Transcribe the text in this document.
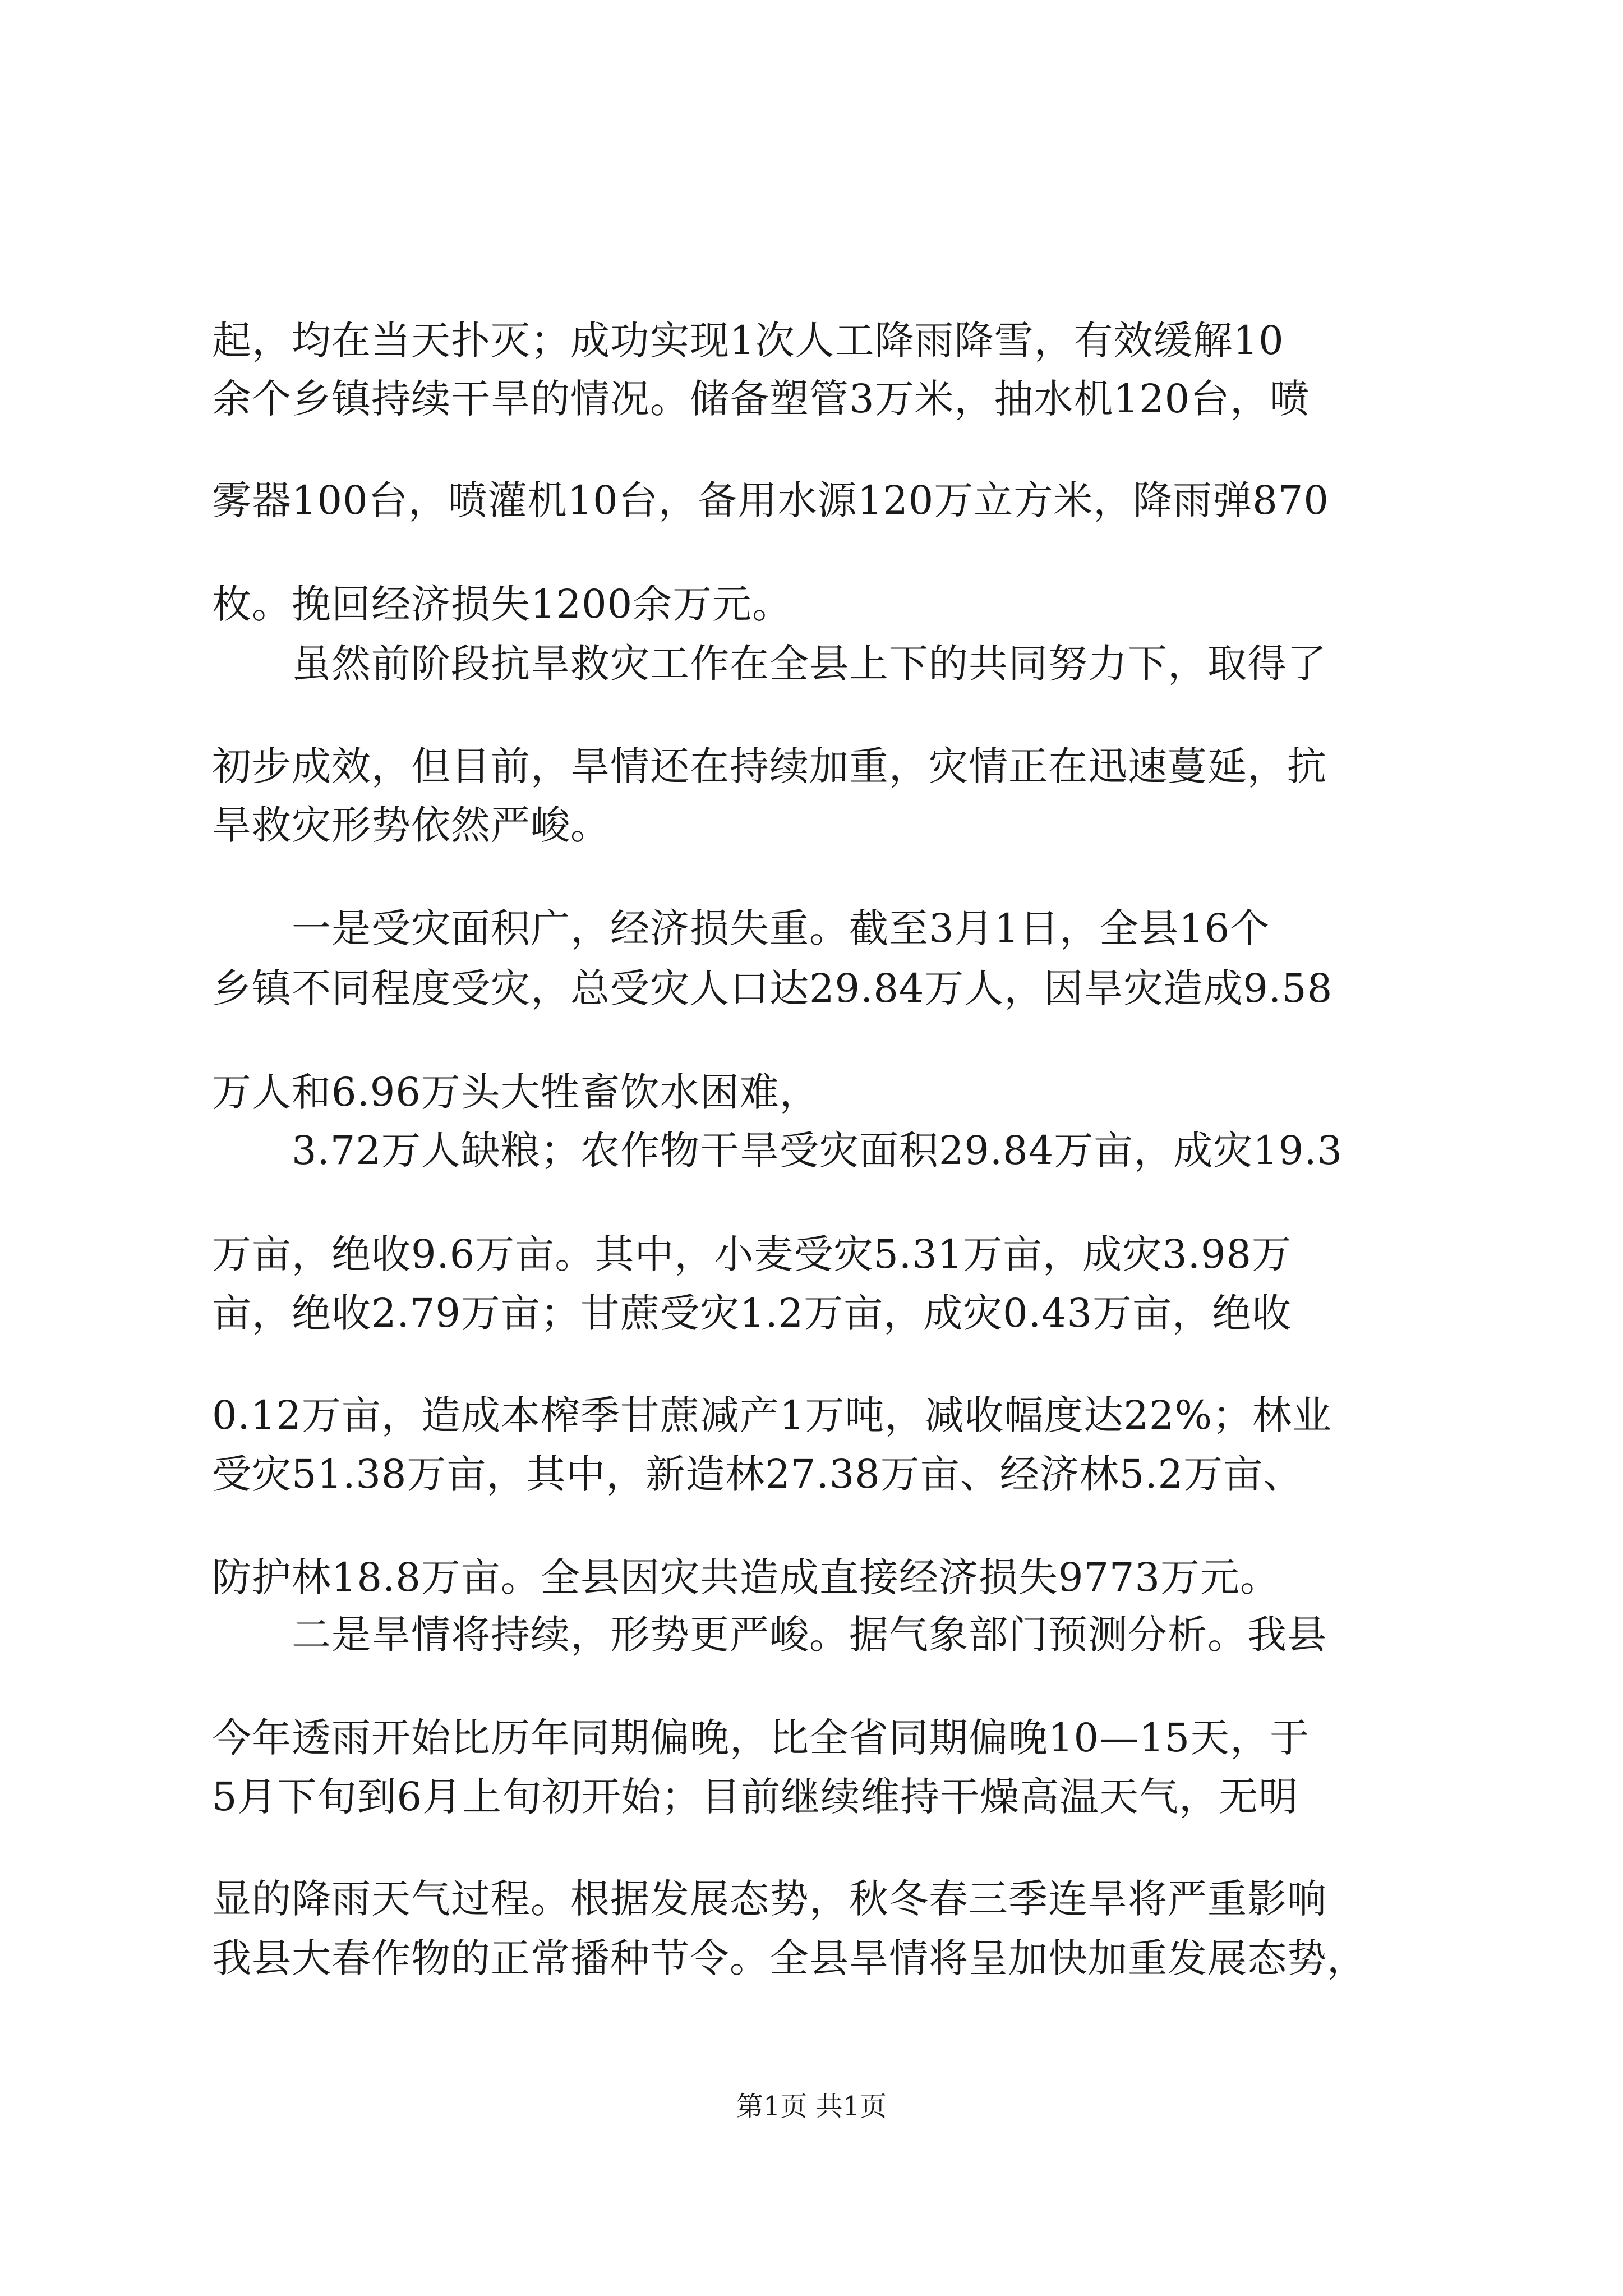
起，均在当天扑灭；成功实现1次人工降雨降雪，有效缓解10
余个乡镇持续干旱的情况。储备塑管3万米，抽水机120台，喷
雾器100台，喷灌机10台，备用水源120万立方米，降雨弹870
枚。挽回经济损失1200余万元。
　　虽然前阶段抗旱救灾工作在全县上下的共同努力下，取得了
初步成效，但目前，旱情还在持续加重，灾情正在迅速蔓延，抗
旱救灾形势依然严峻。
　　一是受灾面积广，经济损失重。截至3月1日，全县16个
乡镇不同程度受灾，总受灾人口达29.84万人，因旱灾造成9.58
万人和6.96万头大牲畜饮水困难，
　　3.72万人缺粮；农作物干旱受灾面积29.84万亩，成灾19.3
万亩，绝收9.6万亩。其中，小麦受灾5.31万亩，成灾3.98万
亩，绝收2.79万亩；甘蔗受灾1.2万亩，成灾0.43万亩，绝收
0.12万亩，造成本榨季甘蔗减产1万吨，减收幅度达22%；林业
受灾51.38万亩，其中，新造林27.38万亩、经济林5.2万亩、
防护林18.8万亩。全县因灾共造成直接经济损失9773万元。
　　二是旱情将持续，形势更严峻。据气象部门预测分析。我县
今年透雨开始比历年同期偏晚，比全省同期偏晚10—15天，于
5月下旬到6月上旬初开始；目前继续维持干燥高温天气，无明
显的降雨天气过程。根据发展态势，秋冬春三季连旱将严重影响
我县大春作物的正常播种节令。全县旱情将呈加快加重发展态势，
第1页 共1页
